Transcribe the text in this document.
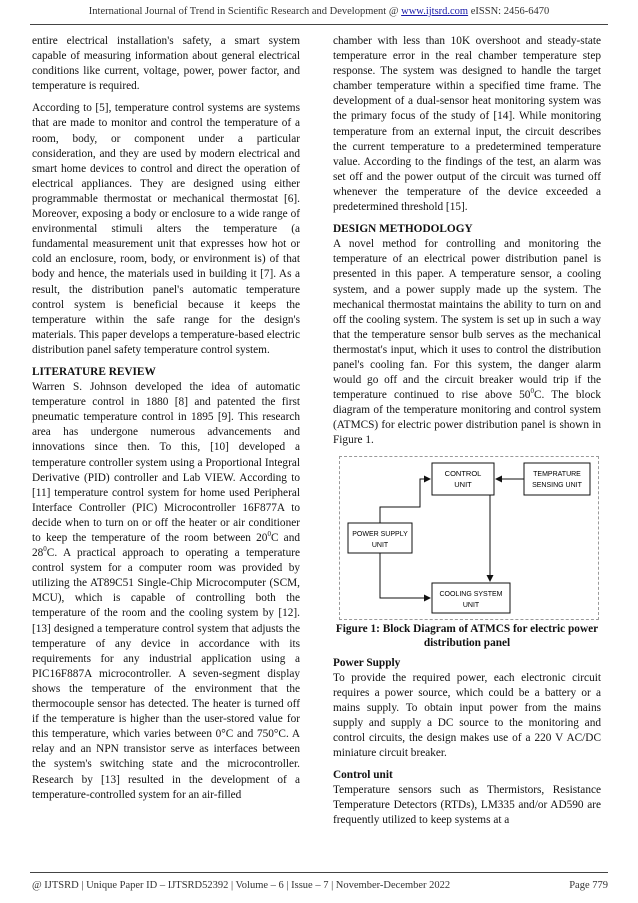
International Journal of Trend in Scientific Research and Development @ www.ijtsrd.com eISSN: 2456-6470

entire electrical installation's safety, a smart system capable of measuring information about general electrical conditions like current, voltage, power, power factor, and temperature is required.

According to [5], temperature control systems are systems that are made to monitor and control the temperature of a room, body, or component under a particular consideration, and they are used by modern electrical and smart home devices to control and direct the operation of electrical appliances. They are designed using either programmable thermostat or mechanical thermostat [6]. Moreover, exposing a body or enclosure to a wide range of environmental stimuli alters the temperature (a fundamental measurement unit that expresses how hot or cold an enclosure, room, body, or environment is) of that body and hence, the materials used in building it [7]. As a result, the distribution panel's automatic temperature control system is beneficial because it keeps the temperature within the safe range for the design's materials. This paper develops a temperature-based electric distribution panel safety temperature control system.

LITERATURE REVIEW

Warren S. Johnson developed the idea of automatic temperature control in 1880 [8] and patented the first pneumatic temperature control in 1895 [9]. This research area has undergone numerous advancements and innovations since then. To this, [10] developed a temperature controller system using a Proportional Integral Derivative (PID) controller and Lab VIEW. According to [11] temperature control system for home used Peripheral Interface Controller (PIC) Microcontroller 16F877A to decide when to turn on or off the heater or air conditioner to keep the temperature of the room between $20^0C$ and $28^0C$. A practical approach to operating a temperature control system for a computer room was provided by utilizing the AT89C51 Single-Chip Microcomputer (SCM, MCU), which is capable of controlling both the temperature of the room and the cooling system by [12]. [13] designed a temperature control system that adjusts the temperature of any device in accordance with its requirements for any industrial application using a PIC16F887A microcontroller. A seven-segment display shows the temperature of the environment that the thermocouple sensor has detected. The heater is turned off if the temperature is higher than the user-stored value for this temperature, which varies between 0°C and 750°C. A relay and an NPN transistor serve as interfaces between the system's switching state and the microcontroller. Research by [13] resulted in the development of a temperature-controlled system for an air-filled

chamber with less than 10K overshoot and steady-state temperature error in the real chamber temperature step response. The system was designed to handle the target chamber temperature within a specified time frame. The development of a dual-sensor heat monitoring system was the primary focus of the study of [14]. While monitoring temperature from an external input, the circuit describes the current temperature to a predetermined temperature value. According to the findings of the test, an alarm was set off and the power output of the circuit was turned off whenever the temperature of the device exceeded a predetermined threshold [15].

DESIGN METHODOLOGY

A novel method for controlling and monitoring the temperature of an electrical power distribution panel is presented in this paper. A temperature sensor, a cooling system, and a power supply made up the system. The mechanical thermostat maintains the ability to turn on and off the cooling system. The system is set up in such a way that the temperature sensor bulb serves as the mechanical thermostat's input, which it uses to control the distribution panel's cooling fan. For this system, the danger alarm would go off and the circuit breaker would trip if the temperature continued to rise above $50^0C$. The block diagram of the temperature monitoring and control system (ATMCS) for electric power distribution panel is shown in Figure 1.

CONTROL
UNIT
TEMPRATURE
SENSING UNIT
POWER SUPPLY
UNIT
COOLING SYSTEM
UNIT
Figure 1: Block Diagram of ATMCS for electric power distribution panel
Power Supply

To provide the required power, each electronic circuit requires a power source, which could be a battery or a mains supply. To obtain input power from the mains supply and supply a DC source to the monitoring and control circuits, the design makes use of a 220 V AC/DC miniature circuit breaker.

Control unit

Temperature sensors such as Thermistors, Resistance Temperature Detectors (RTDs), LM335 and/or AD590 are frequently utilized to keep systems at a

@ IJTSRD | Unique Paper ID – IJTSRD52392 | Volume – 6 | Issue – 7 | November-December 2022	Page 779
